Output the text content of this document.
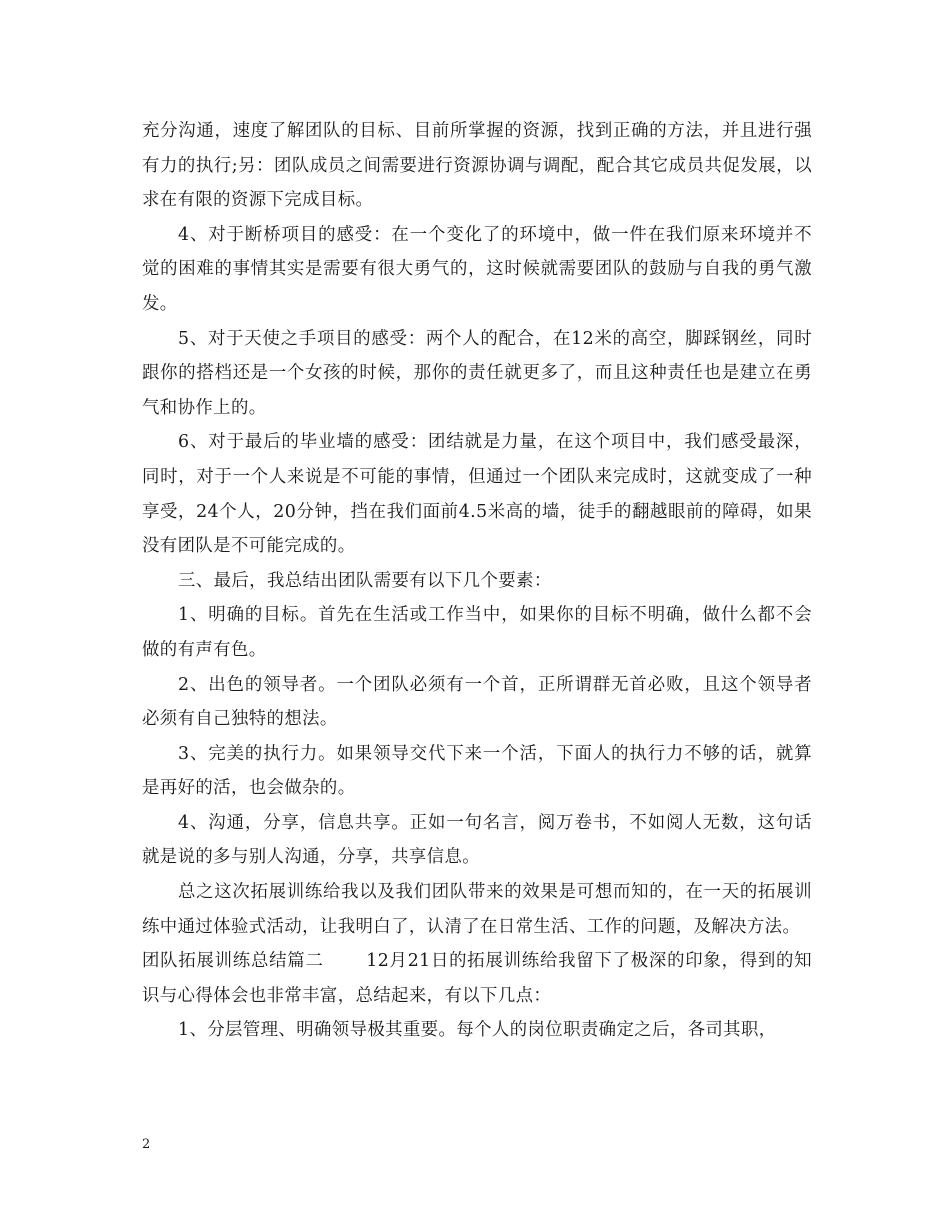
充分沟通，速度了解团队的目标、目前所掌握的资源，找到正确的方法，并且进行强有力的执行;另：团队成员之间需要进行资源协调与调配，配合其它成员共促发展，以求在有限的资源下完成目标。

4、对于断桥项目的感受：在一个变化了的环境中，做一件在我们原来环境并不觉的困难的事情其实是需要有很大勇气的，这时候就需要团队的鼓励与自我的勇气激发。

5、对于天使之手项目的感受：两个人的配合，在12米的高空，脚踩钢丝，同时跟你的搭档还是一个女孩的时候，那你的责任就更多了，而且这种责任也是建立在勇气和协作上的。

6、对于最后的毕业墙的感受：团结就是力量，在这个项目中，我们感受最深，同时，对于一个人来说是不可能的事情，但通过一个团队来完成时，这就变成了一种享受，24个人，20分钟，挡在我们面前4.5米高的墙，徒手的翻越眼前的障碍，如果没有团队是不可能完成的。

三、最后，我总结出团队需要有以下几个要素：

1、明确的目标。首先在生活或工作当中，如果你的目标不明确，做什么都不会做的有声有色。

2、出色的领导者。一个团队必须有一个首，正所谓群无首必败，且这个领导者必须有自己独特的想法。

3、完美的执行力。如果领导交代下来一个活，下面人的执行力不够的话，就算是再好的活，也会做杂的。

4、沟通，分享，信息共享。正如一句名言，阅万卷书，不如阅人无数，这句话就是说的多与别人沟通，分享，共享信息。

总之这次拓展训练给我以及我们团队带来的效果是可想而知的，在一天的拓展训练中通过体验式活动，让我明白了，认清了在日常生活、工作的问题，及解决方法。

团队拓展训练总结篇二　　 12月21日的拓展训练给我留下了极深的印象，得到的知识与心得体会也非常丰富，总结起来，有以下几点：

1、分层管理、明确领导极其重要。每个人的岗位职责确定之后，各司其职，

2
